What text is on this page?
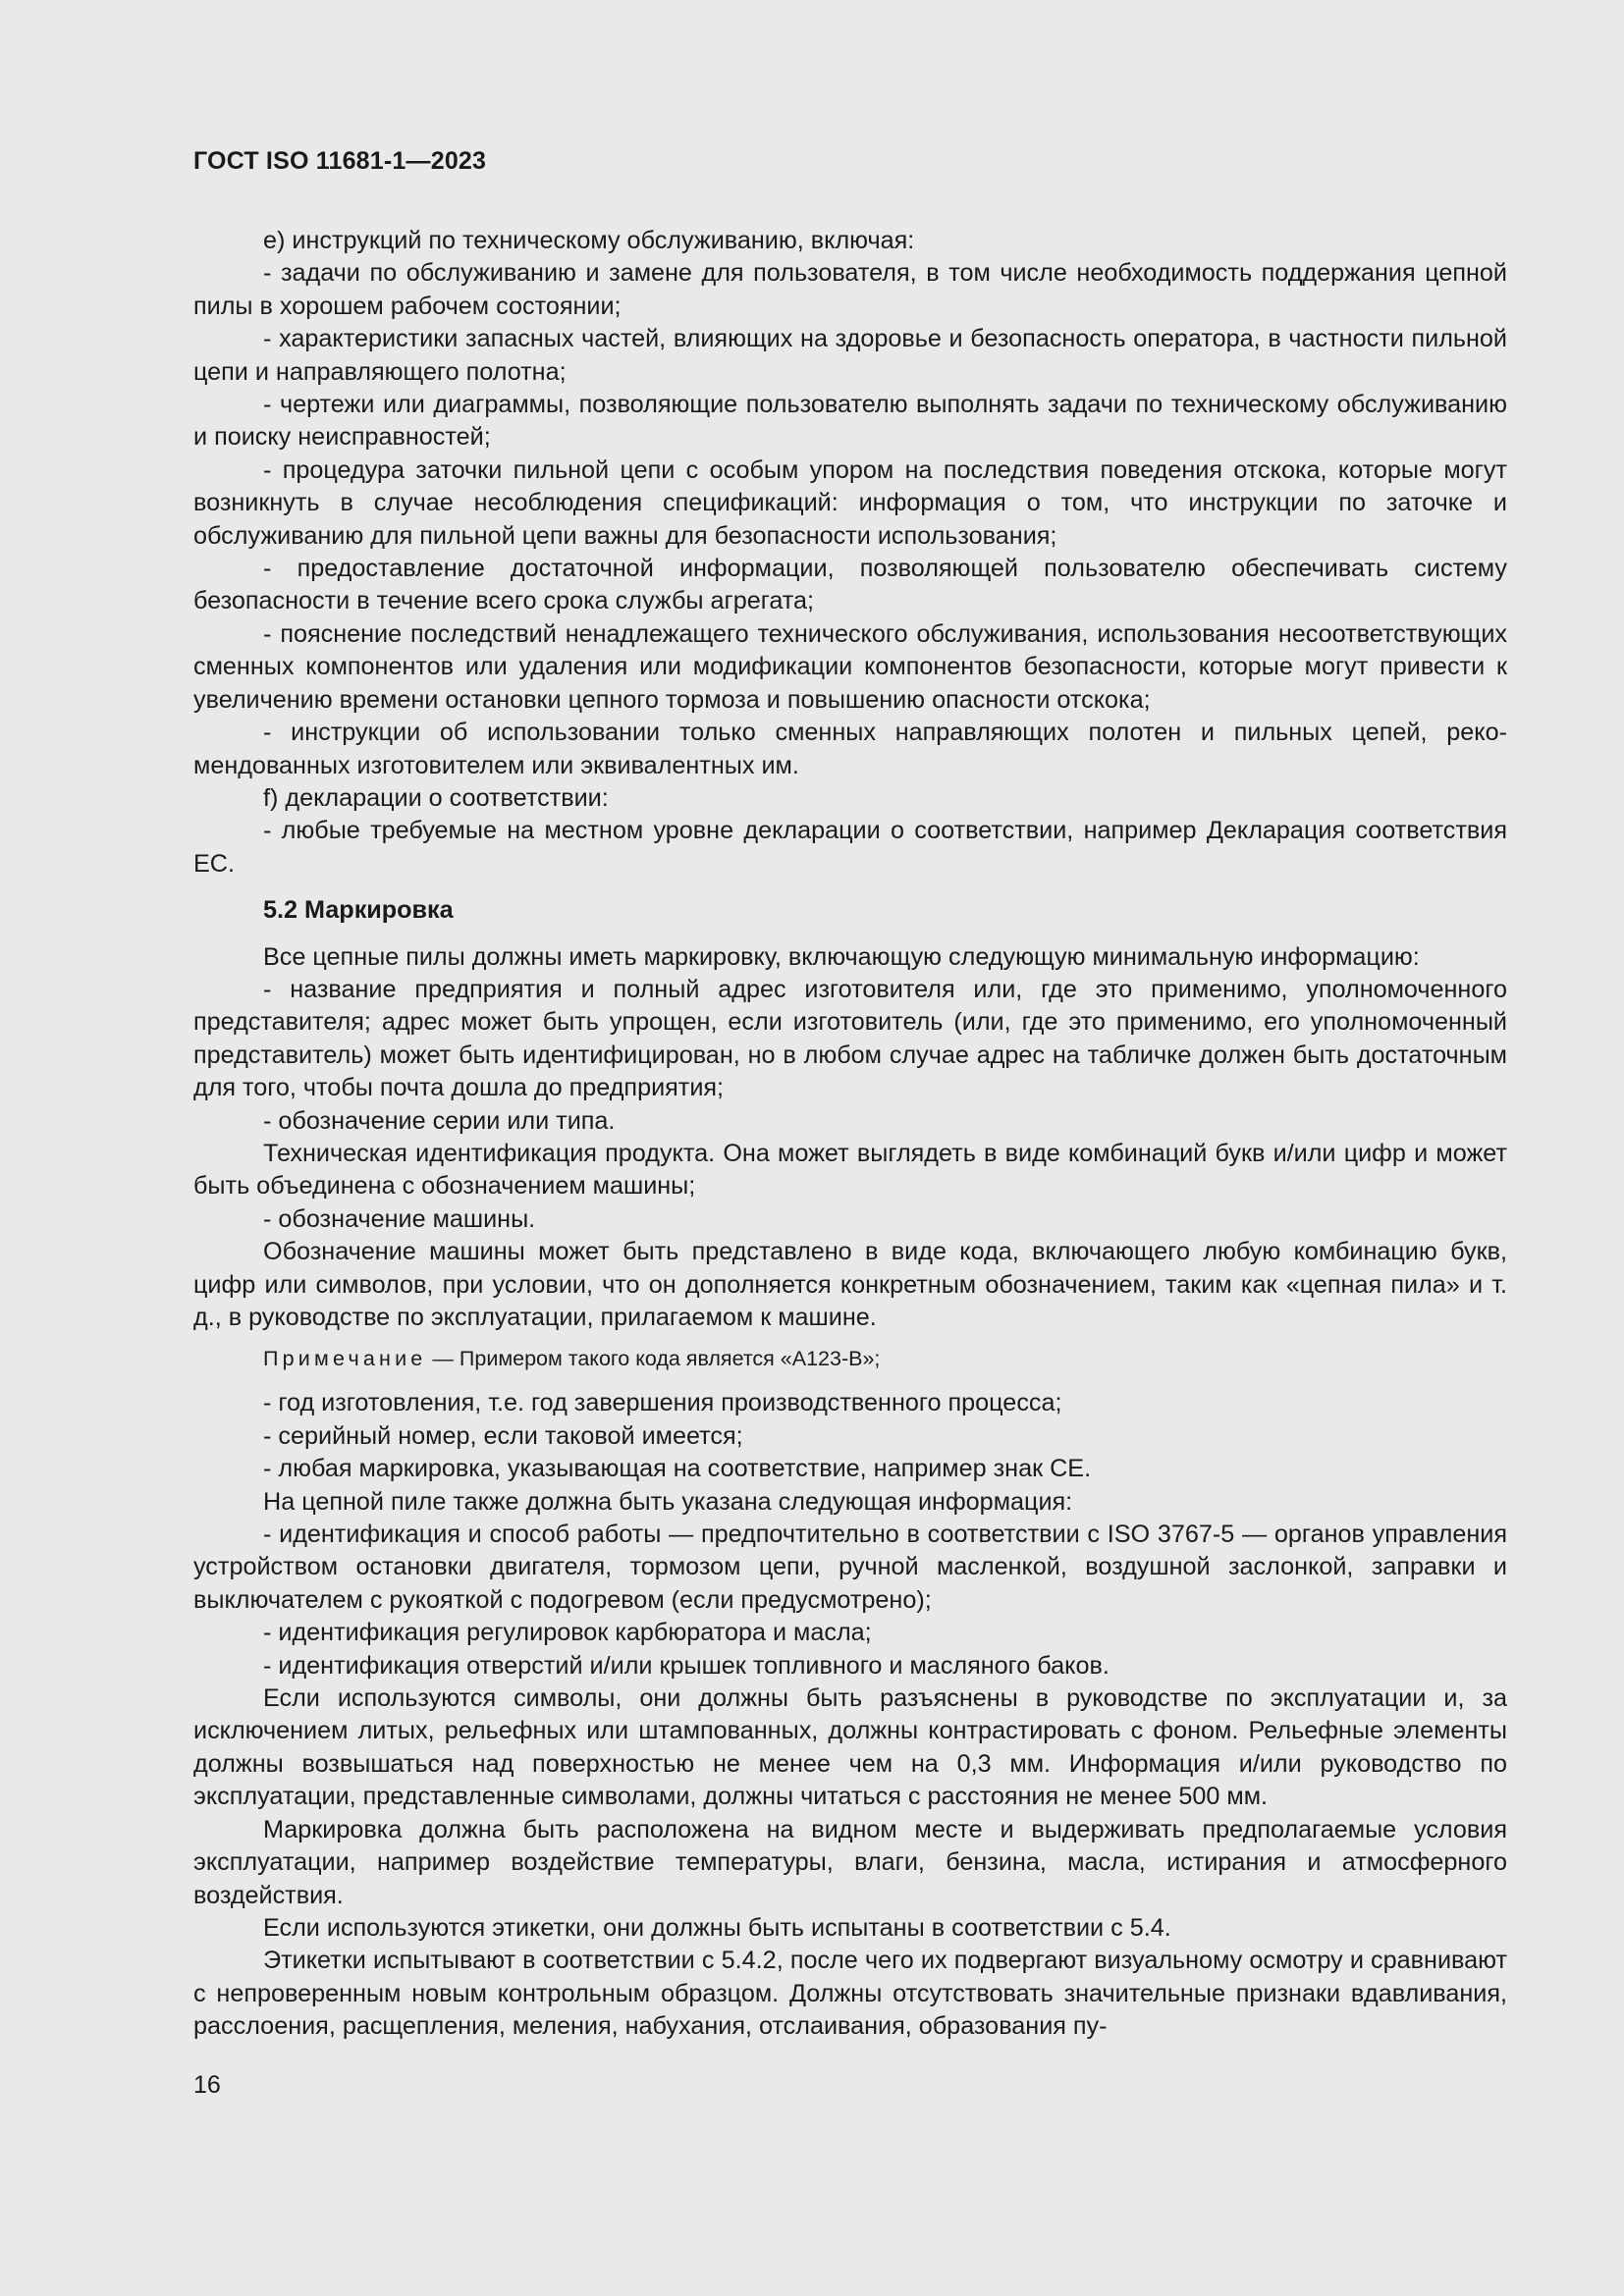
ГОСТ ISO 11681-1—2023

е) инструкций по техническому обслуживанию, включая:

- задачи по обслуживанию и замене для пользователя, в том числе необходимость поддержания цепной пилы в хорошем рабочем состоянии;

- характеристики запасных частей, влияющих на здоровье и безопасность оператора, в частности пильной цепи и направляющего полотна;

- чертежи или диаграммы, позволяющие пользователю выполнять задачи по техническому обслуживанию и поиску неисправностей;

- процедура заточки пильной цепи с особым упором на последствия поведения отскока, которые могут возникнуть в случае несоблюдения спецификаций: информация о том, что инструкции по заточке и обслуживанию для пильной цепи важны для безопасности использования;

- предоставление достаточной информации, позволяющей пользователю обеспечивать систему безопасности в течение всего срока службы агрегата;

- пояснение последствий ненадлежащего технического обслуживания, использования несоответствующих сменных компонентов или удаления или модификации компонентов безопасности, которые могут привести к увеличению времени остановки цепного тормоза и повышению опасности отскока;

- инструкции об использовании только сменных направляющих полотен и пильных цепей, рекомендованных изготовителем или эквивалентных им.

f) декларации о соответствии:

- любые требуемые на местном уровне декларации о соответствии, например Декларация соответствия ЕС.

5.2 Маркировка

Все цепные пилы должны иметь маркировку, включающую следующую минимальную информацию:

- название предприятия и полный адрес изготовителя или, где это применимо, уполномоченного представителя; адрес может быть упрощен, если изготовитель (или, где это применимо, его уполномоченный представитель) может быть идентифицирован, но в любом случае адрес на табличке должен быть достаточным для того, чтобы почта дошла до предприятия;

- обозначение серии или типа.

Техническая идентификация продукта. Она может выглядеть в виде комбинаций букв и/или цифр и может быть объединена с обозначением машины;

- обозначение машины.

Обозначение машины может быть представлено в виде кода, включающего любую комбинацию букв, цифр или символов, при условии, что он дополняется конкретным обозначением, таким как «цепная пила» и т. д., в руководстве по эксплуатации, прилагаемом к машине.

Примечание — Примером такого кода является «А123-В»;

- год изготовления, т.е. год завершения производственного процесса;

- серийный номер, если таковой имеется;

- любая маркировка, указывающая на соответствие, например знак СЕ.

На цепной пиле также должна быть указана следующая информация:

- идентификация и способ работы — предпочтительно в соответствии с ISO 3767-5 — органов управления устройством остановки двигателя, тормозом цепи, ручной масленкой, воздушной заслонкой, заправки и выключателем с рукояткой с подогревом (если предусмотрено);

- идентификация регулировок карбюратора и масла;

- идентификация отверстий и/или крышек топливного и масляного баков.

Если используются символы, они должны быть разъяснены в руководстве по эксплуатации и, за исключением литых, рельефных или штампованных, должны контрастировать с фоном. Рельефные элементы должны возвышаться над поверхностью не менее чем на 0,3 мм. Информация и/или руководство по эксплуатации, представленные символами, должны читаться с расстояния не менее 500 мм.

Маркировка должна быть расположена на видном месте и выдерживать предполагаемые условия эксплуатации, например воздействие температуры, влаги, бензина, масла, истирания и атмосферного воздействия.

Если используются этикетки, они должны быть испытаны в соответствии с 5.4.

Этикетки испытывают в соответствии с 5.4.2, после чего их подвергают визуальному осмотру и сравнивают с непроверенным новым контрольным образцом. Должны отсутствовать значительные признаки вдавливания, расслоения, расщепления, меления, набухания, отслаивания, образования пу-

16
